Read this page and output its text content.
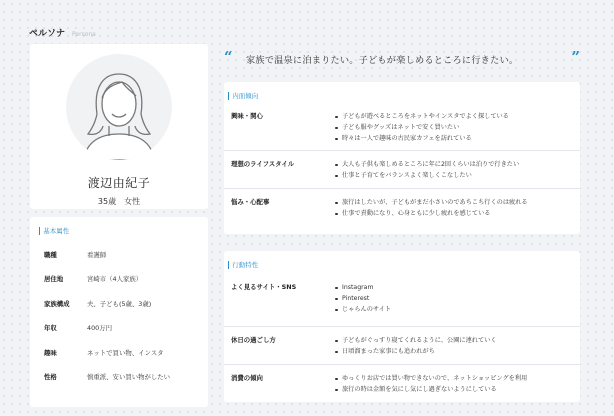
ペルソナ Persona
渡辺由紀子
35歳 女性
基本属性
職種	看護師
居住地	宮崎市（4人家族）
家族構成	夫、子ども(5歳、3歳)
年収	400万円
趣味	ネットで買い物、インスタ
性格	慎重派、安い買い物がしたい
“ 家族で温泉に泊まりたい。子どもが楽しめるところに行きたい。	”
内面傾向
興味・関心	子どもが遊べるところをネットやインスタでよく探している
子ども服やグッズはネットで安く買いたい
時々は一人で趣味の古民家カフェを訪れている
理想のライフスタイル	大人も子供も楽しめるところに年に2回くらいは泊りで行きたい
仕事と子育てをバランスよく楽しくこなしたい
悩み・心配事	旅行はしたいが、子どもがまだ小さいのであちこち行くのは疲れる
仕事で責動になり、心身ともに少し疲れを感じている
行動特性
よく見るサイト・SNS	Instagram
Pinterest
じゃらんのサイト
休日の過ごし方	子どもがぐっすり寝てくれるように、公園に連れていく
日頃溜まった家事にも追われがち
消費の傾向	ゆっくりお店では買い物できないので、ネットショッピングを利用
旅行の時は金額を気にし気にし過ぎないようにしている
